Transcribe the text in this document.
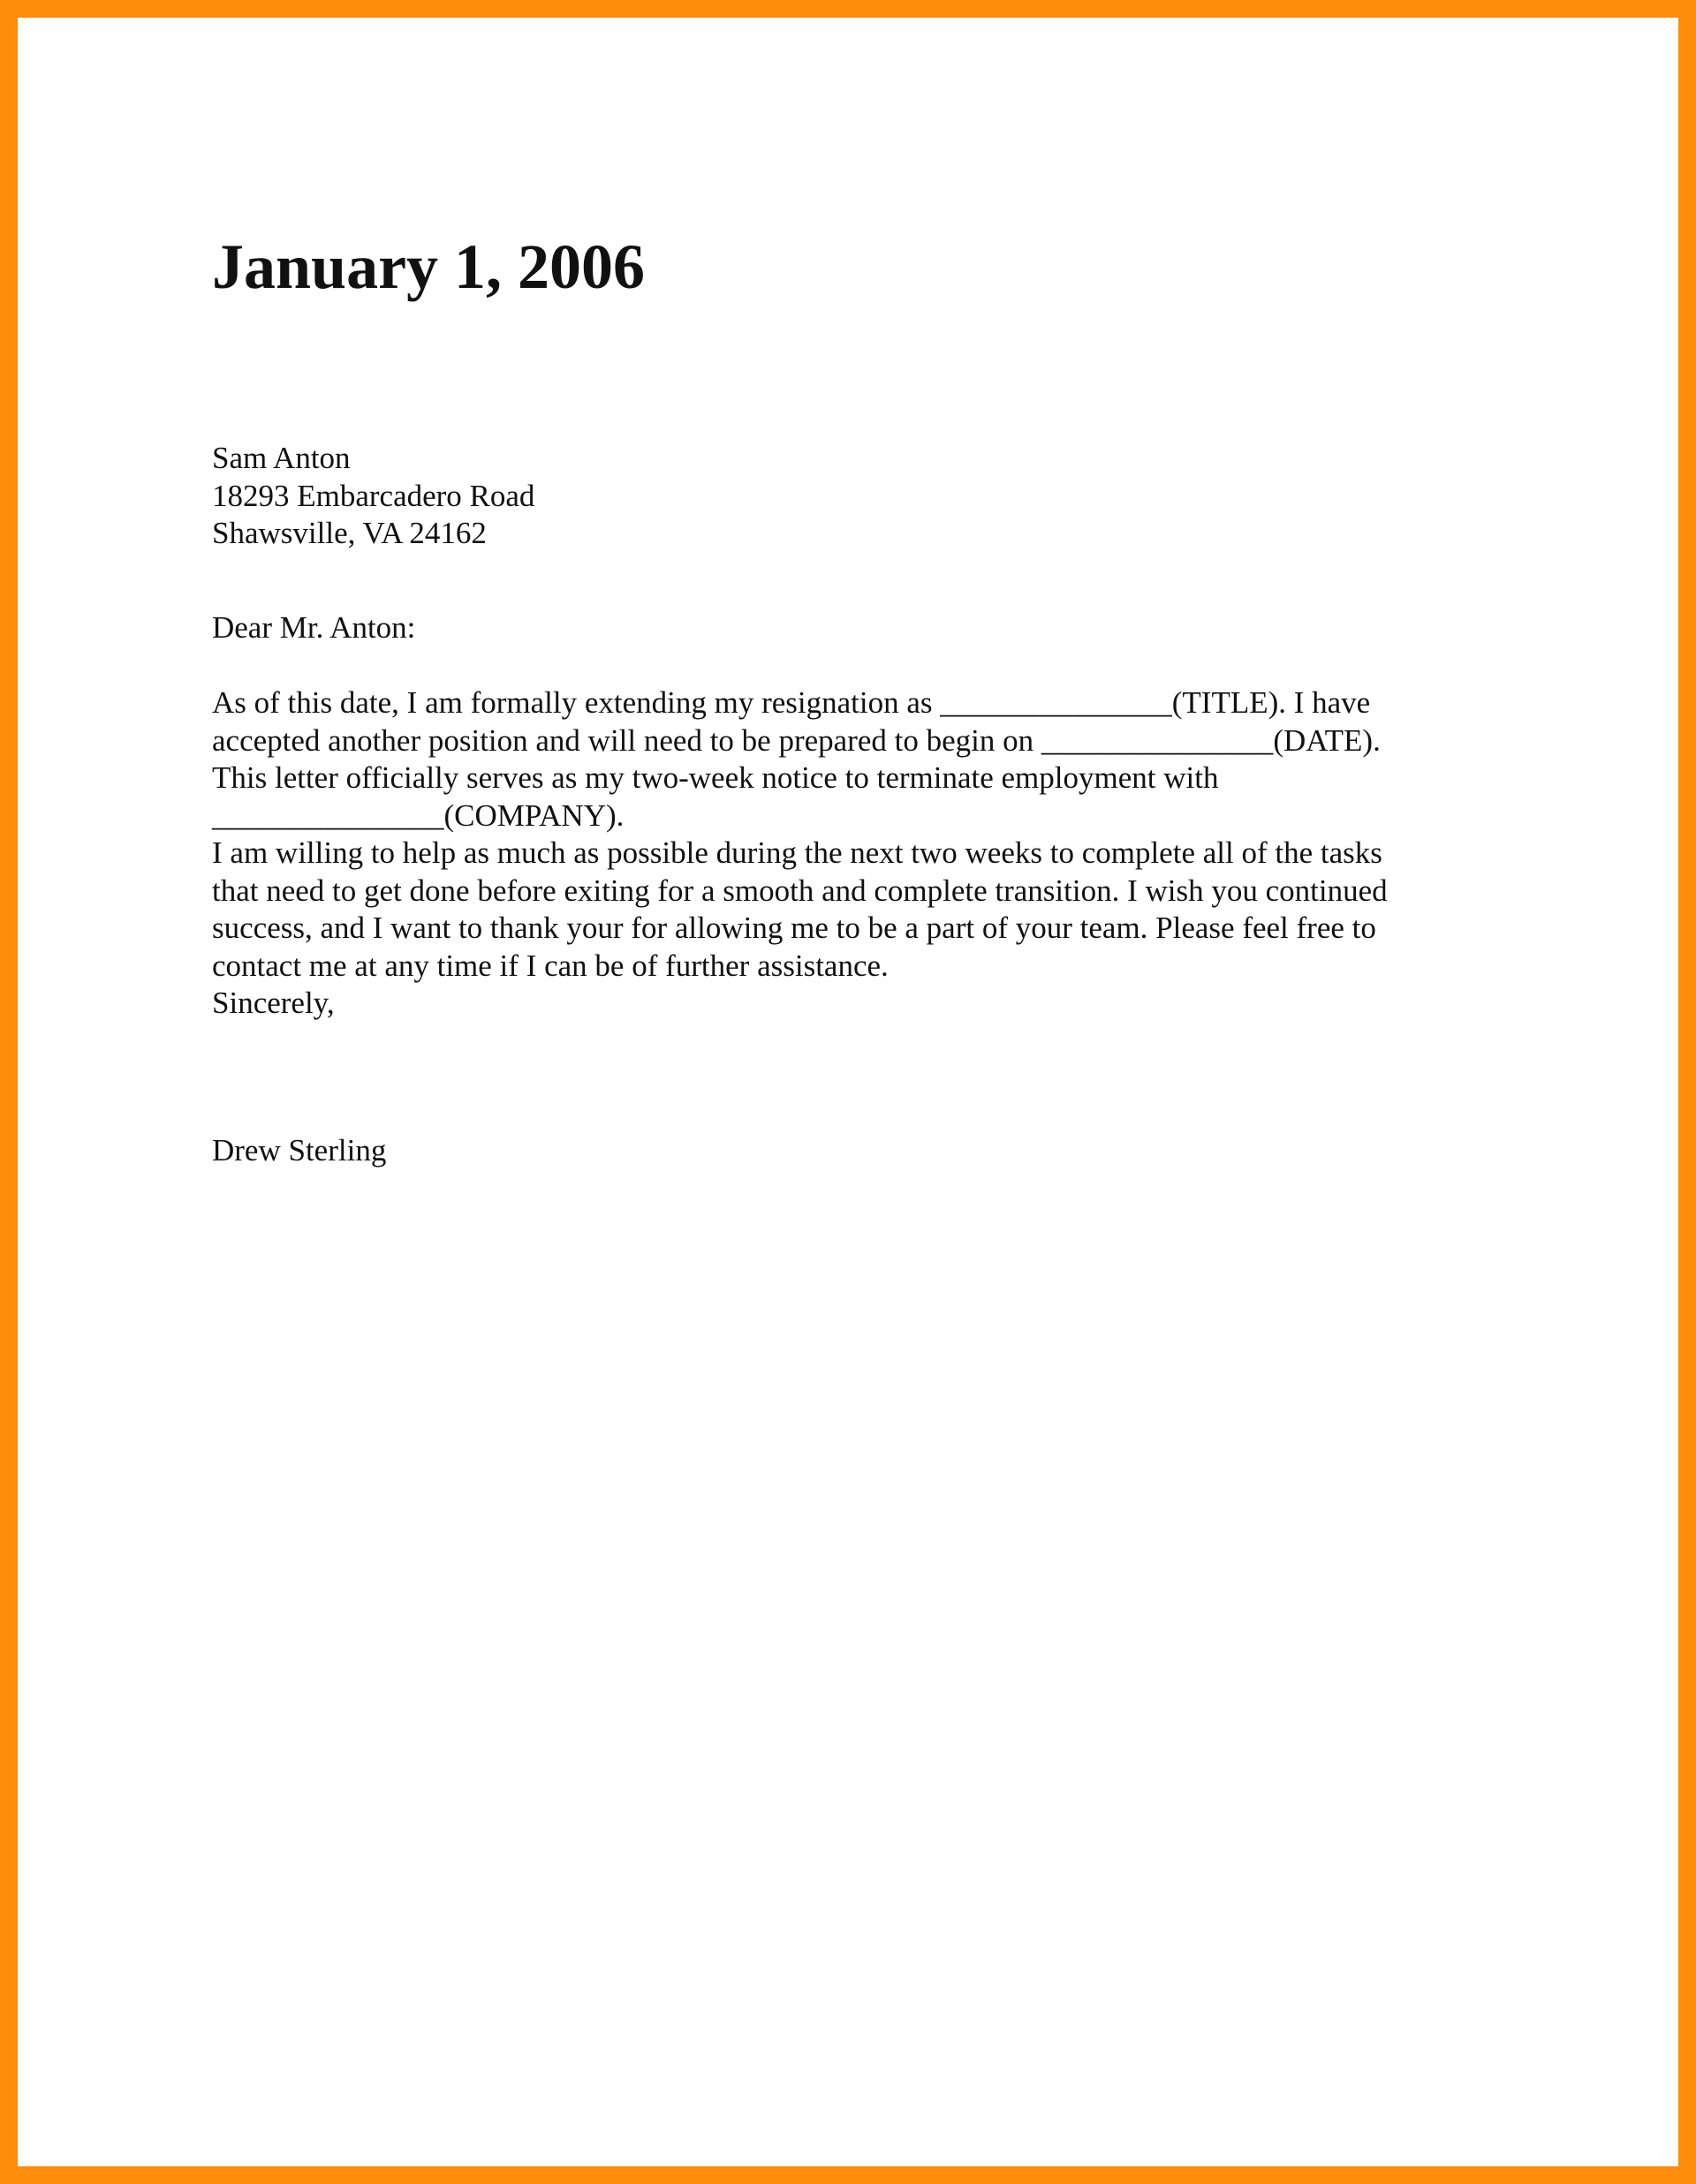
January 1, 2006
Sam Anton
18293 Embarcadero Road
Shawsville, VA 24162
Dear Mr. Anton:
As of this date, I am formally extending my resignation as _______________(TITLE). I have
accepted another position and will need to be prepared to begin on _______________(DATE).
This letter officially serves as my two-week notice to terminate employment with
_______________(COMPANY).
I am willing to help as much as possible during the next two weeks to complete all of the tasks
that need to get done before exiting for a smooth and complete transition. I wish you continued
success, and I want to thank your for allowing me to be a part of your team. Please feel free to
contact me at any time if I can be of further assistance.
Sincerely,
Drew Sterling
